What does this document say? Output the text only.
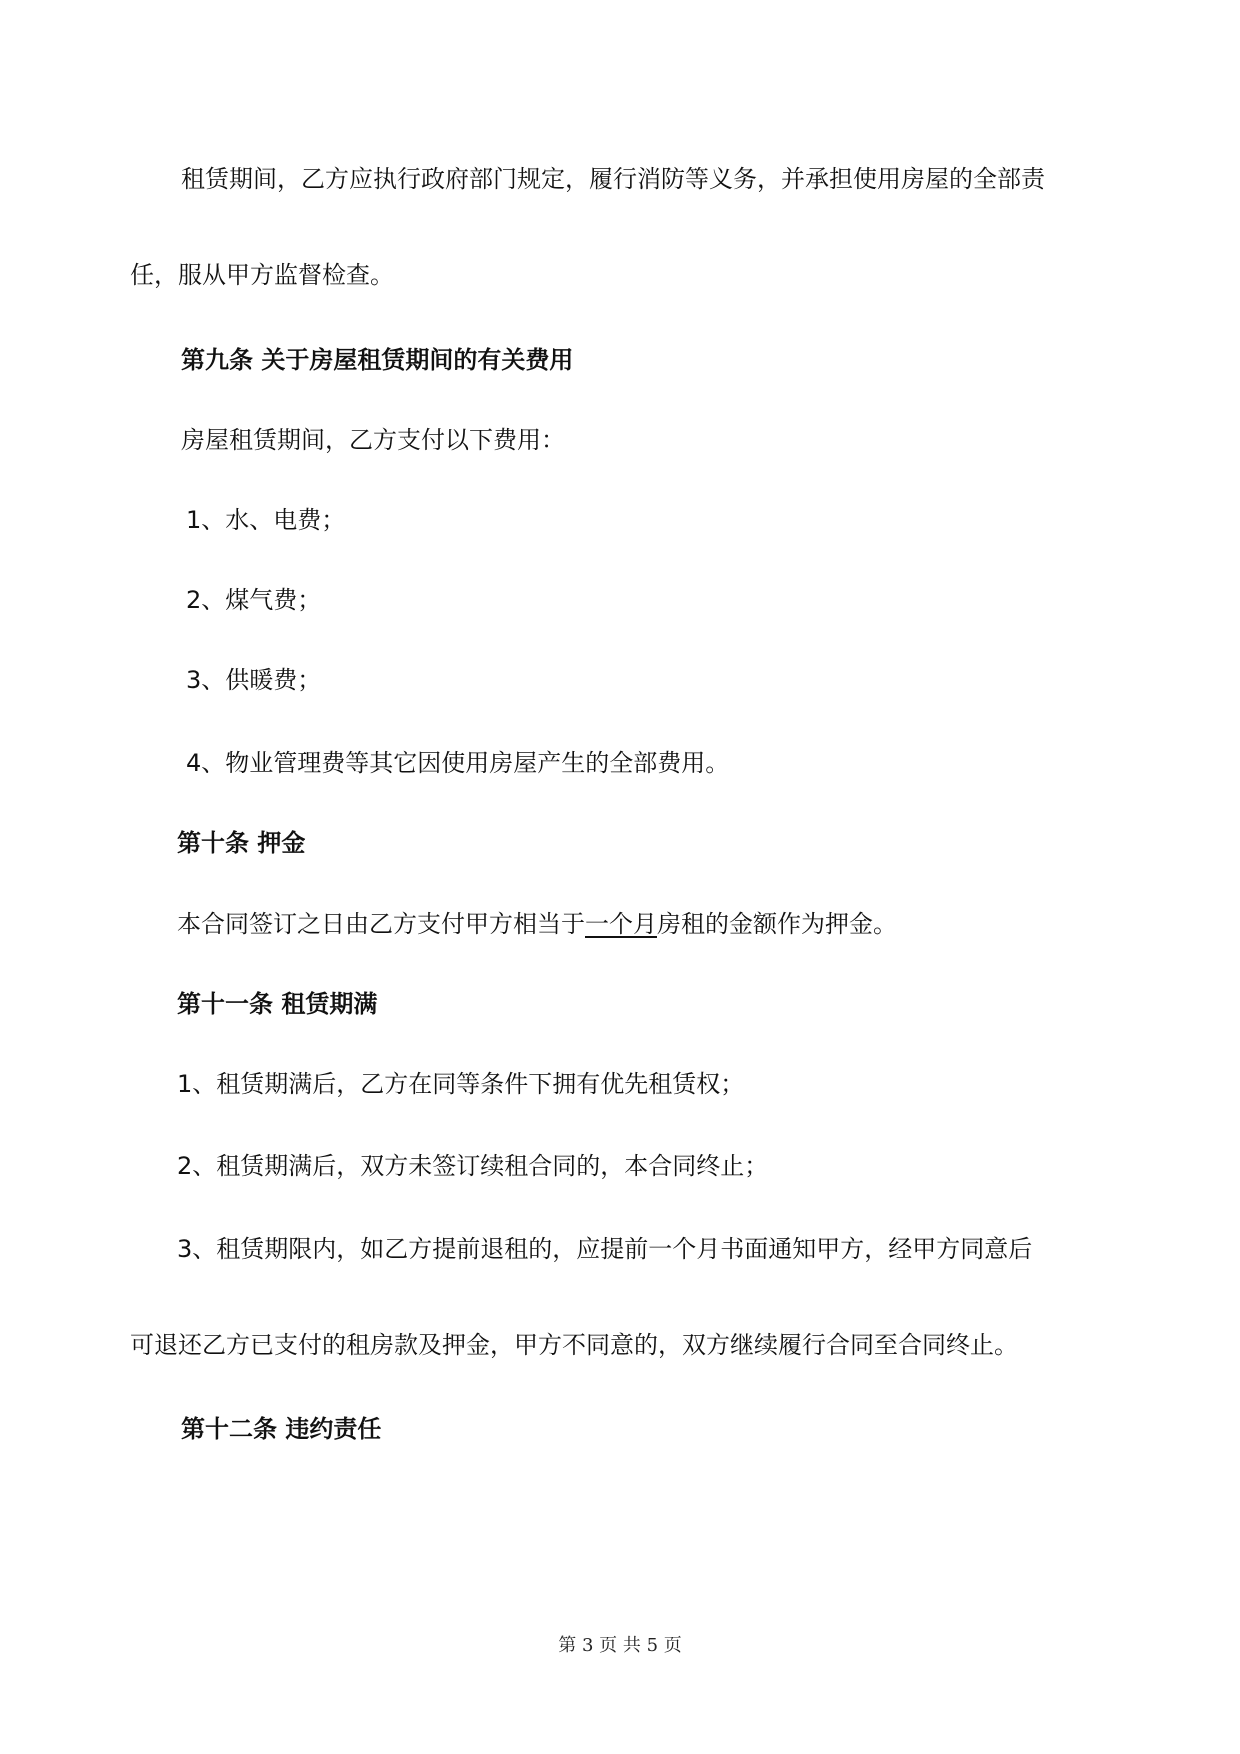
租赁期间，乙方应执行政府部门规定，履行消防等义务，并承担使用房屋的全部责
任，服从甲方监督检查。
第九条 关于房屋租赁期间的有关费用
房屋租赁期间，乙方支付以下费用：
1、水、电费；
2、煤气费；
3、供暖费；
4、物业管理费等其它因使用房屋产生的全部费用。
第十条 押金
本合同签订之日由乙方支付甲方相当于一个月房租的金额作为押金。
第十一条 租赁期满
1、租赁期满后，乙方在同等条件下拥有优先租赁权；
2、租赁期满后，双方未签订续租合同的，本合同终止；
3、租赁期限内，如乙方提前退租的，应提前一个月书面通知甲方，经甲方同意后
可退还乙方已支付的租房款及押金，甲方不同意的，双方继续履行合同至合同终止。
第十二条 违约责任
第 3 页 共 5 页
